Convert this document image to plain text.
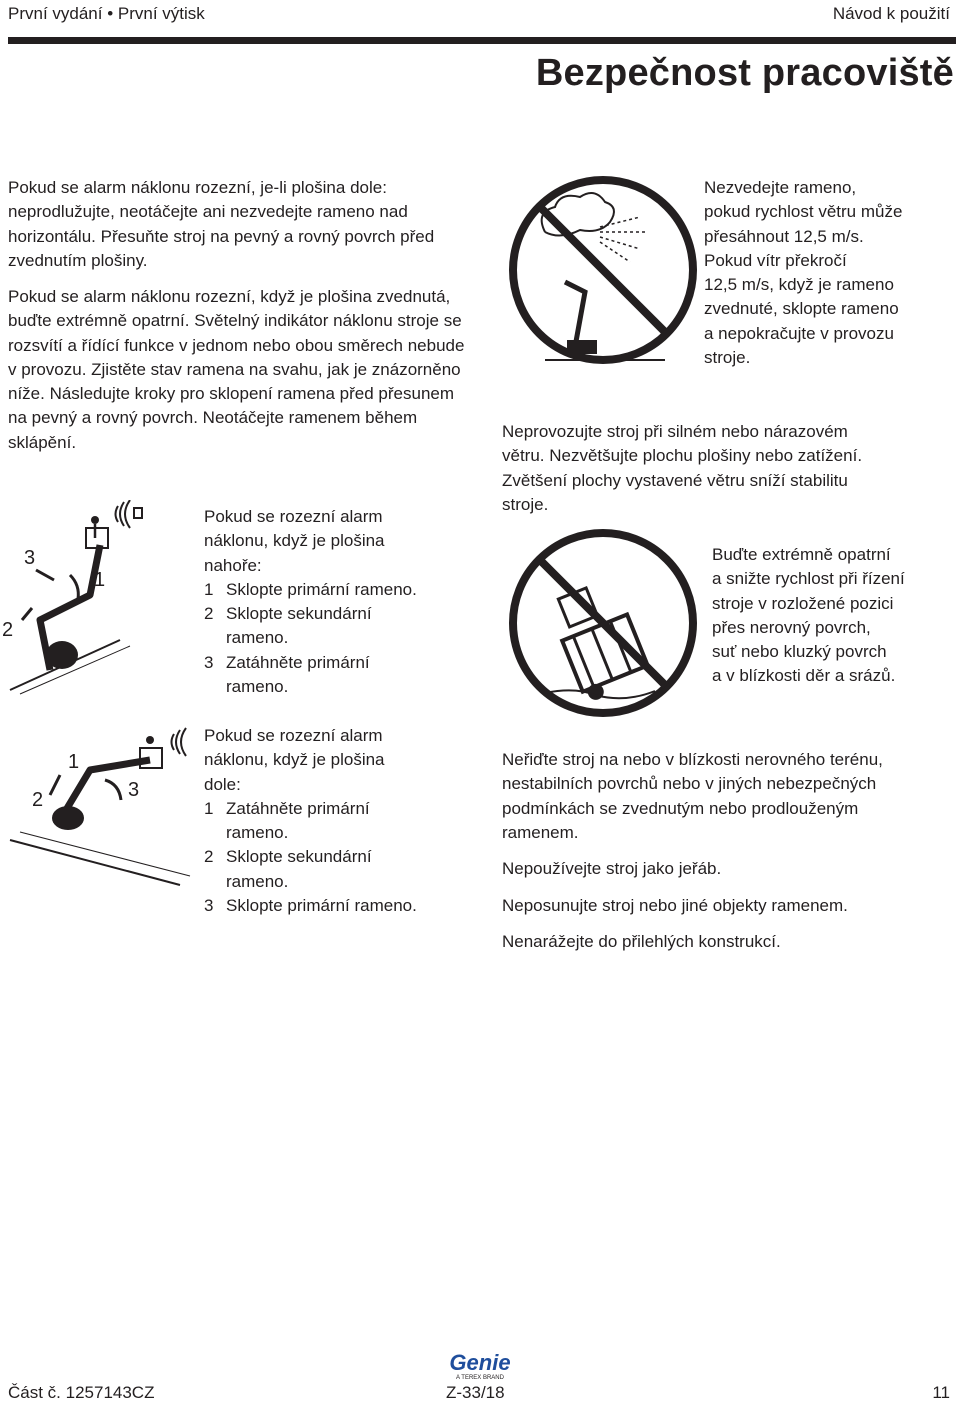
První vydání • První výtisk	Návod k použití
Bezpečnost pracoviště

Pokud se alarm náklonu rozezní, je-li plošina dole: neprodlužujte, neotáčejte ani nezvedejte rameno nad horizontálu. Přesuňte stroj na pevný a rovný povrch před zvednutím plošiny.

Pokud se alarm náklonu rozezní, když je plošina zvednutá, buďte extrémně opatrní. Světelný indikátor náklonu stroje se rozsvítí a řídící funkce v jednom nebo obou směrech nebude v provozu. Zjistěte stav ramena na svahu, jak je znázorněno níže. Následujte kroky pro sklopení ramena před přesunem na pevný a rovný povrch. Neotáčejte ramenem během sklápění.

3
1
2
Pokud se rozezní alarm
náklonu, když je plošina
nahoře:
1 Sklopte primární rameno.
2 Sklopte sekundární
rameno.
3 Zatáhněte primární
rameno.
1
2	3
Pokud se rozezní alarm
náklonu, když je plošina
dole:
1 Zatáhněte primární
rameno.
2 Sklopte sekundární
rameno.
3 Sklopte primární rameno.
Nezvedejte rameno,
pokud rychlost větru může
přesáhnout 12,5 m/s.
Pokud vítr překročí
12,5 m/s, když je rameno
zvednuté, sklopte rameno
a nepokračujte v provozu
stroje.
Neprovozujte stroj při silném nebo nárazovém
větru. Nezvětšujte plochu plošiny nebo zatížení.
Zvětšení plochy vystavené větru sníží stabilitu
stroje.
Buďte extrémně opatrní
a snižte rychlost při řízení
stroje v rozložené pozici
přes nerovný povrch,
suť nebo kluzký povrch
a v blízkosti děr a srázů.
Neřiďte stroj na nebo v blízkosti nerovného terénu,
nestabilních povrchů nebo v jiných nebezpečných
podmínkách se zvednutým nebo prodlouženým
ramenem.
Nepoužívejte stroj jako jeřáb.
Neposunujte stroj nebo jiné objekty ramenem.
Nenarážejte do přilehlých konstrukcí.
Část č. 1257143CZ
Genie
A TEREX BRAND
Z-33/18	11
